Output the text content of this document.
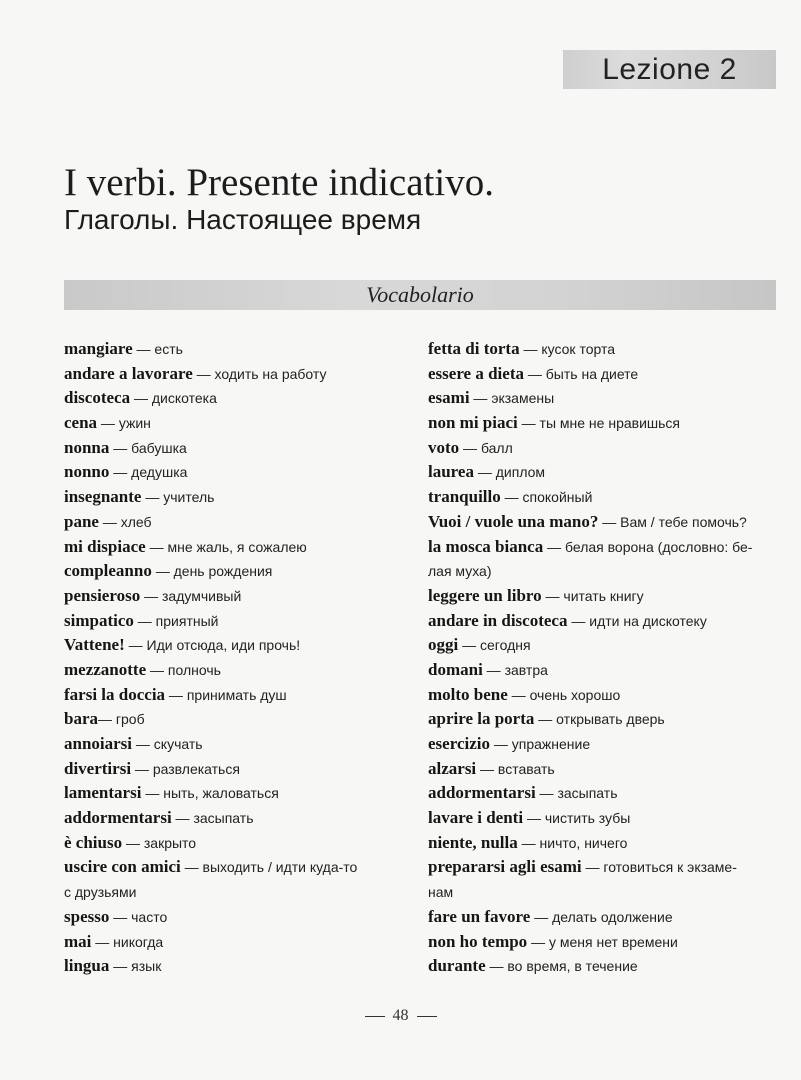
Lezione 2
I verbi. Presente indicativo.
Глаголы. Настоящее время
Vocabolario
mangiare — есть
andare a lavorare — ходить на работу
discoteca — дискотека
cena — ужин
nonna — бабушка
nonno — дедушка
insegnante — учитель
pane — хлеб
mi dispiace — мне жаль, я сожалею
compleanno — день рождения
pensieroso — задумчивый
simpatico — приятный
Vattene! — Иди отсюда, иди прочь!
mezzanotte — полночь
farsi la doccia — принимать душ
bara— гроб
annoiarsi — скучать
divertirsi — развлекаться
lamentarsi — ныть, жаловаться
addormentarsi — засыпать
è chiuso — закрыто
uscire con amici — выходить / идти куда-то
с друзьями
spesso — часто
mai — никогда
lingua — язык
fetta di torta — кусок торта
essere a dieta — быть на диете
esami — экзамены
non mi piaci — ты мне не нравишься
voto — балл
laurea — диплом
tranquillo — спокойный
Vuoi / vuole una mano? — Вам / тебе помочь?
la mosca bianca — белая ворона (дословно: бе-
лая муха)
leggere un libro — читать книгу
andare in discoteca — идти на дискотеку
oggi — сегодня
domani — завтра
molto bene — очень хорошо
aprire la porta — открывать дверь
esercizio — упражнение
alzarsi — вставать
addormentarsi — засыпать
lavare i denti — чистить зубы
niente, nulla — ничто, ничего
prepararsi agli esami — готовиться к экзаме-
нам
fare un favore — делать одолжение
non ho tempo — у меня нет времени
durante — во время, в течение
48
